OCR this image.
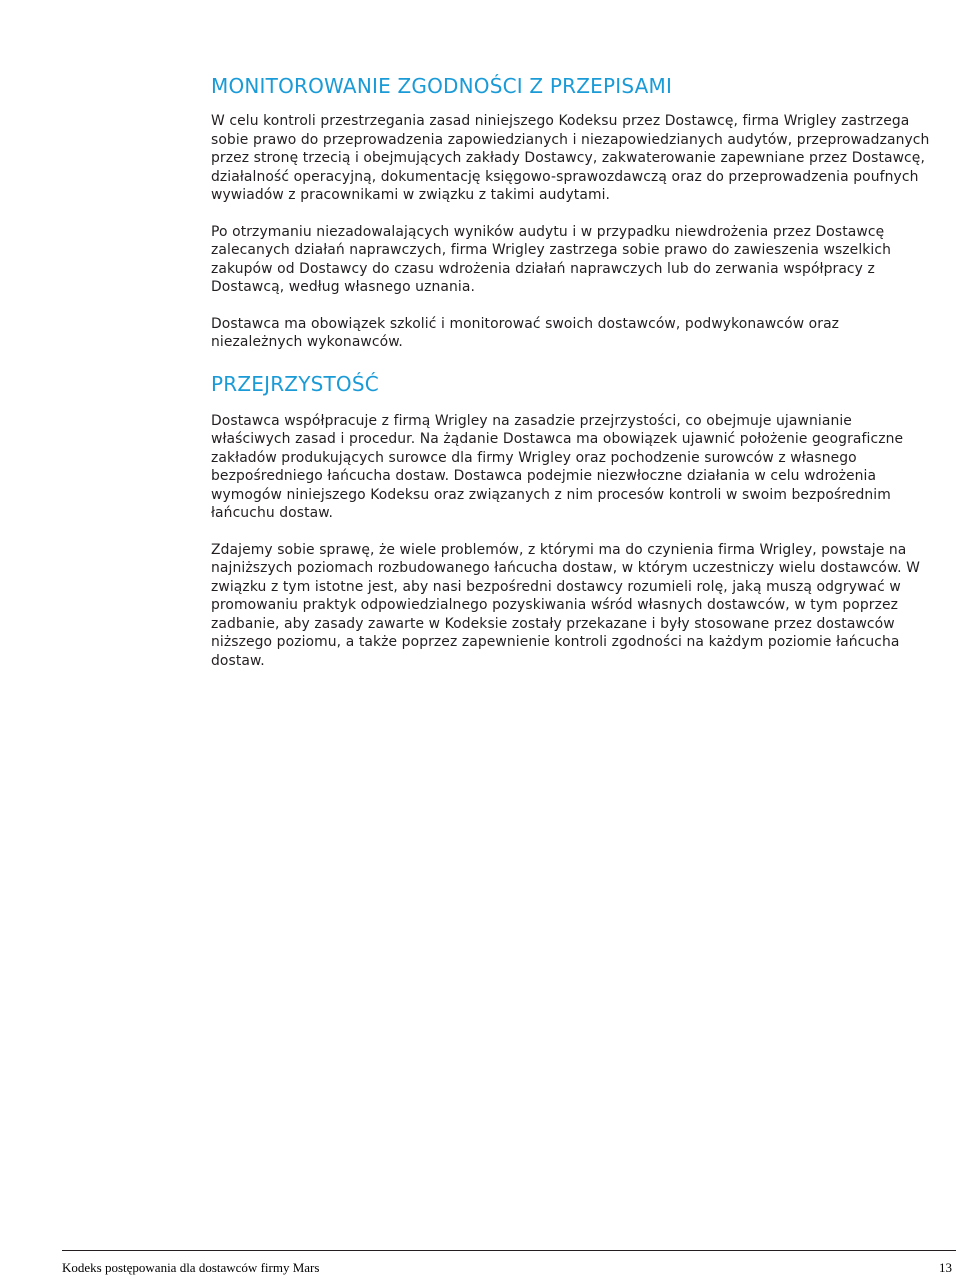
MONITOROWANIE ZGODNOŚCI Z PRZEPISAMI

W celu kontroli przestrzegania zasad niniejszego Kodeksu przez Dostawcę, firma Wrigley zastrzega sobie prawo do przeprowadzenia zapowiedzianych i niezapowiedzianych audytów, przeprowadzanych przez stronę trzecią i obejmujących zakłady Dostawcy, zakwaterowanie zapewniane przez Dostawcę, działalność operacyjną, dokumentację księgowo-sprawozdawczą oraz do przeprowadzenia poufnych wywiadów z pracownikami w związku z takimi audytami.

Po otrzymaniu niezadowalających wyników audytu i w przypadku niewdrożenia przez Dostawcę zalecanych działań naprawczych, firma Wrigley zastrzega sobie prawo do zawieszenia wszelkich zakupów od Dostawcy do czasu wdrożenia działań naprawczych lub do zerwania współpracy z Dostawcą, według własnego uznania.

Dostawca ma obowiązek szkolić i monitorować swoich dostawców, podwykonawców oraz niezależnych wykonawców.

PRZEJRZYSTOŚĆ

Dostawca współpracuje z firmą Wrigley na zasadzie przejrzystości, co obejmuje ujawnianie właściwych zasad i procedur. Na żądanie Dostawca ma obowiązek ujawnić położenie geograficzne zakładów produkujących surowce dla firmy Wrigley oraz pochodzenie surowców z własnego bezpośredniego łańcucha dostaw. Dostawca podejmie niezwłoczne działania w celu wdrożenia wymogów niniejszego Kodeksu oraz związanych z nim procesów kontroli w swoim bezpośrednim łańcuchu dostaw.

Zdajemy sobie sprawę, że wiele problemów, z którymi ma do czynienia firma Wrigley, powstaje na najniższych poziomach rozbudowanego łańcucha dostaw, w którym uczestniczy wielu dostawców. W związku z tym istotne jest, aby nasi bezpośredni dostawcy rozumieli rolę, jaką muszą odgrywać w promowaniu praktyk odpowiedzialnego pozyskiwania wśród własnych dostawców, w tym poprzez zadbanie, aby zasady zawarte w Kodeksie zostały przekazane i były stosowane przez dostawców niższego poziomu, a także poprzez zapewnienie kontroli zgodności na każdym poziomie łańcucha dostaw.

Kodeks postępowania dla dostawców firmy Mars	13
